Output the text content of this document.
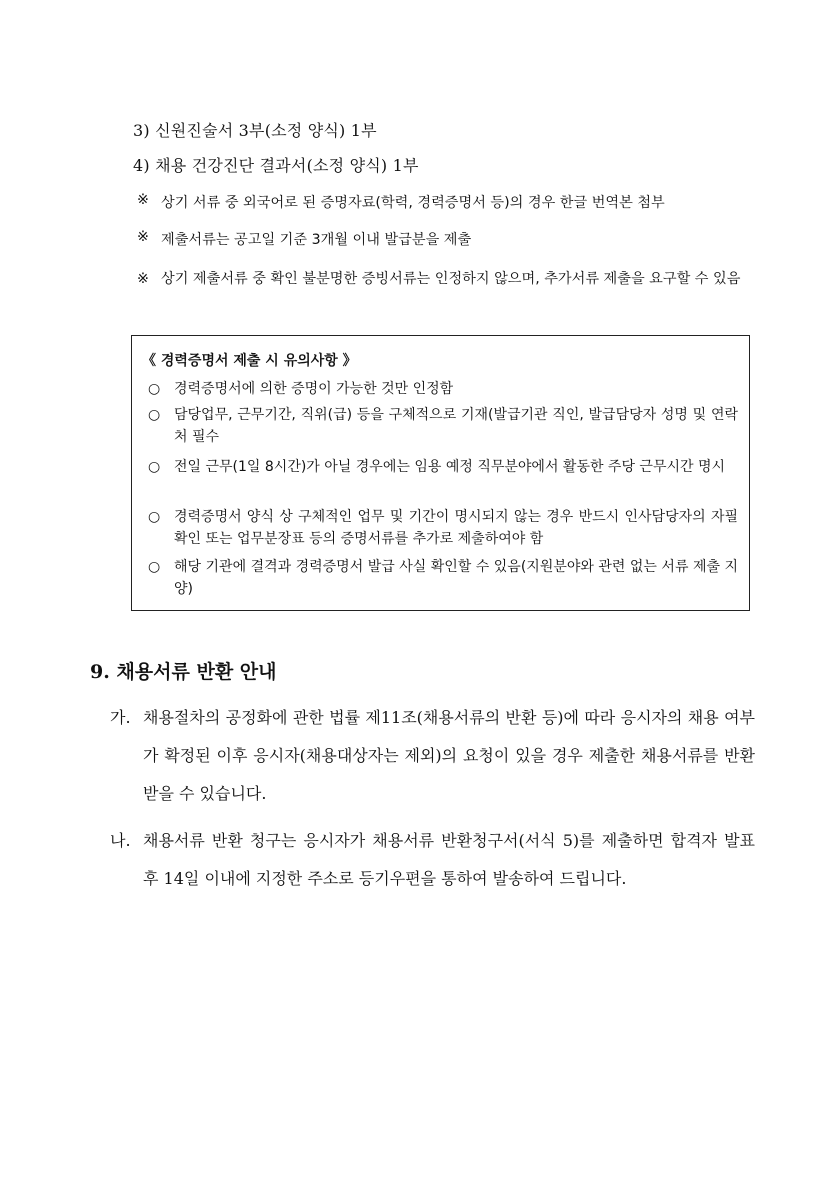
3) 신원진술서 3부(소정 양식) 1부
4) 채용 건강진단 결과서(소정 양식) 1부
※ 상기 서류 중 외국어로 된 증명자료(학력, 경력증명서 등)의 경우 한글 번역본 첨부
※ 제출서류는 공고일 기준 3개월 이내 발급분을 제출
※ 상기 제출서류 중 확인 불분명한 증빙서류는 인정하지 않으며, 추가서류 제출을 요구할 수 있음
《 경력증명서 제출 시 유의사항 》
○ 경력증명서에 의한 증명이 가능한 것만 인정함
○ 담당업무, 근무기간, 직위(급) 등을 구체적으로 기재(발급기관 직인, 발급담당자 성명 및 연락처 필수
○ 전일 근무(1일 8시간)가 아닐 경우에는 임용 예정 직무분야에서 활동한 주당 근무시간 명시
○ 경력증명서 양식 상 구체적인 업무 및 기간이 명시되지 않는 경우 반드시 인사담당자의 자필 확인 또는 업무분장표 등의 증명서류를 추가로 제출하여야 함
○ 해당 기관에 결격과 경력증명서 발급 사실 확인할 수 있음(지원분야와 관련 없는 서류 제출 지양)
9. 채용서류 반환 안내
가. 채용절차의 공정화에 관한 법률 제11조(채용서류의 반환 등)에 따라 응시자의 채용 여부가 확정된 이후 응시자(채용대상자는 제외)의 요청이 있을 경우 제출한 채용서류를 반환 받을 수 있습니다.
나. 채용서류 반환 청구는 응시자가 채용서류 반환청구서(서식 5)를 제출하면 합격자 발표 후 14일 이내에 지정한 주소로 등기우편을 통하여 발송하여 드립니다.
